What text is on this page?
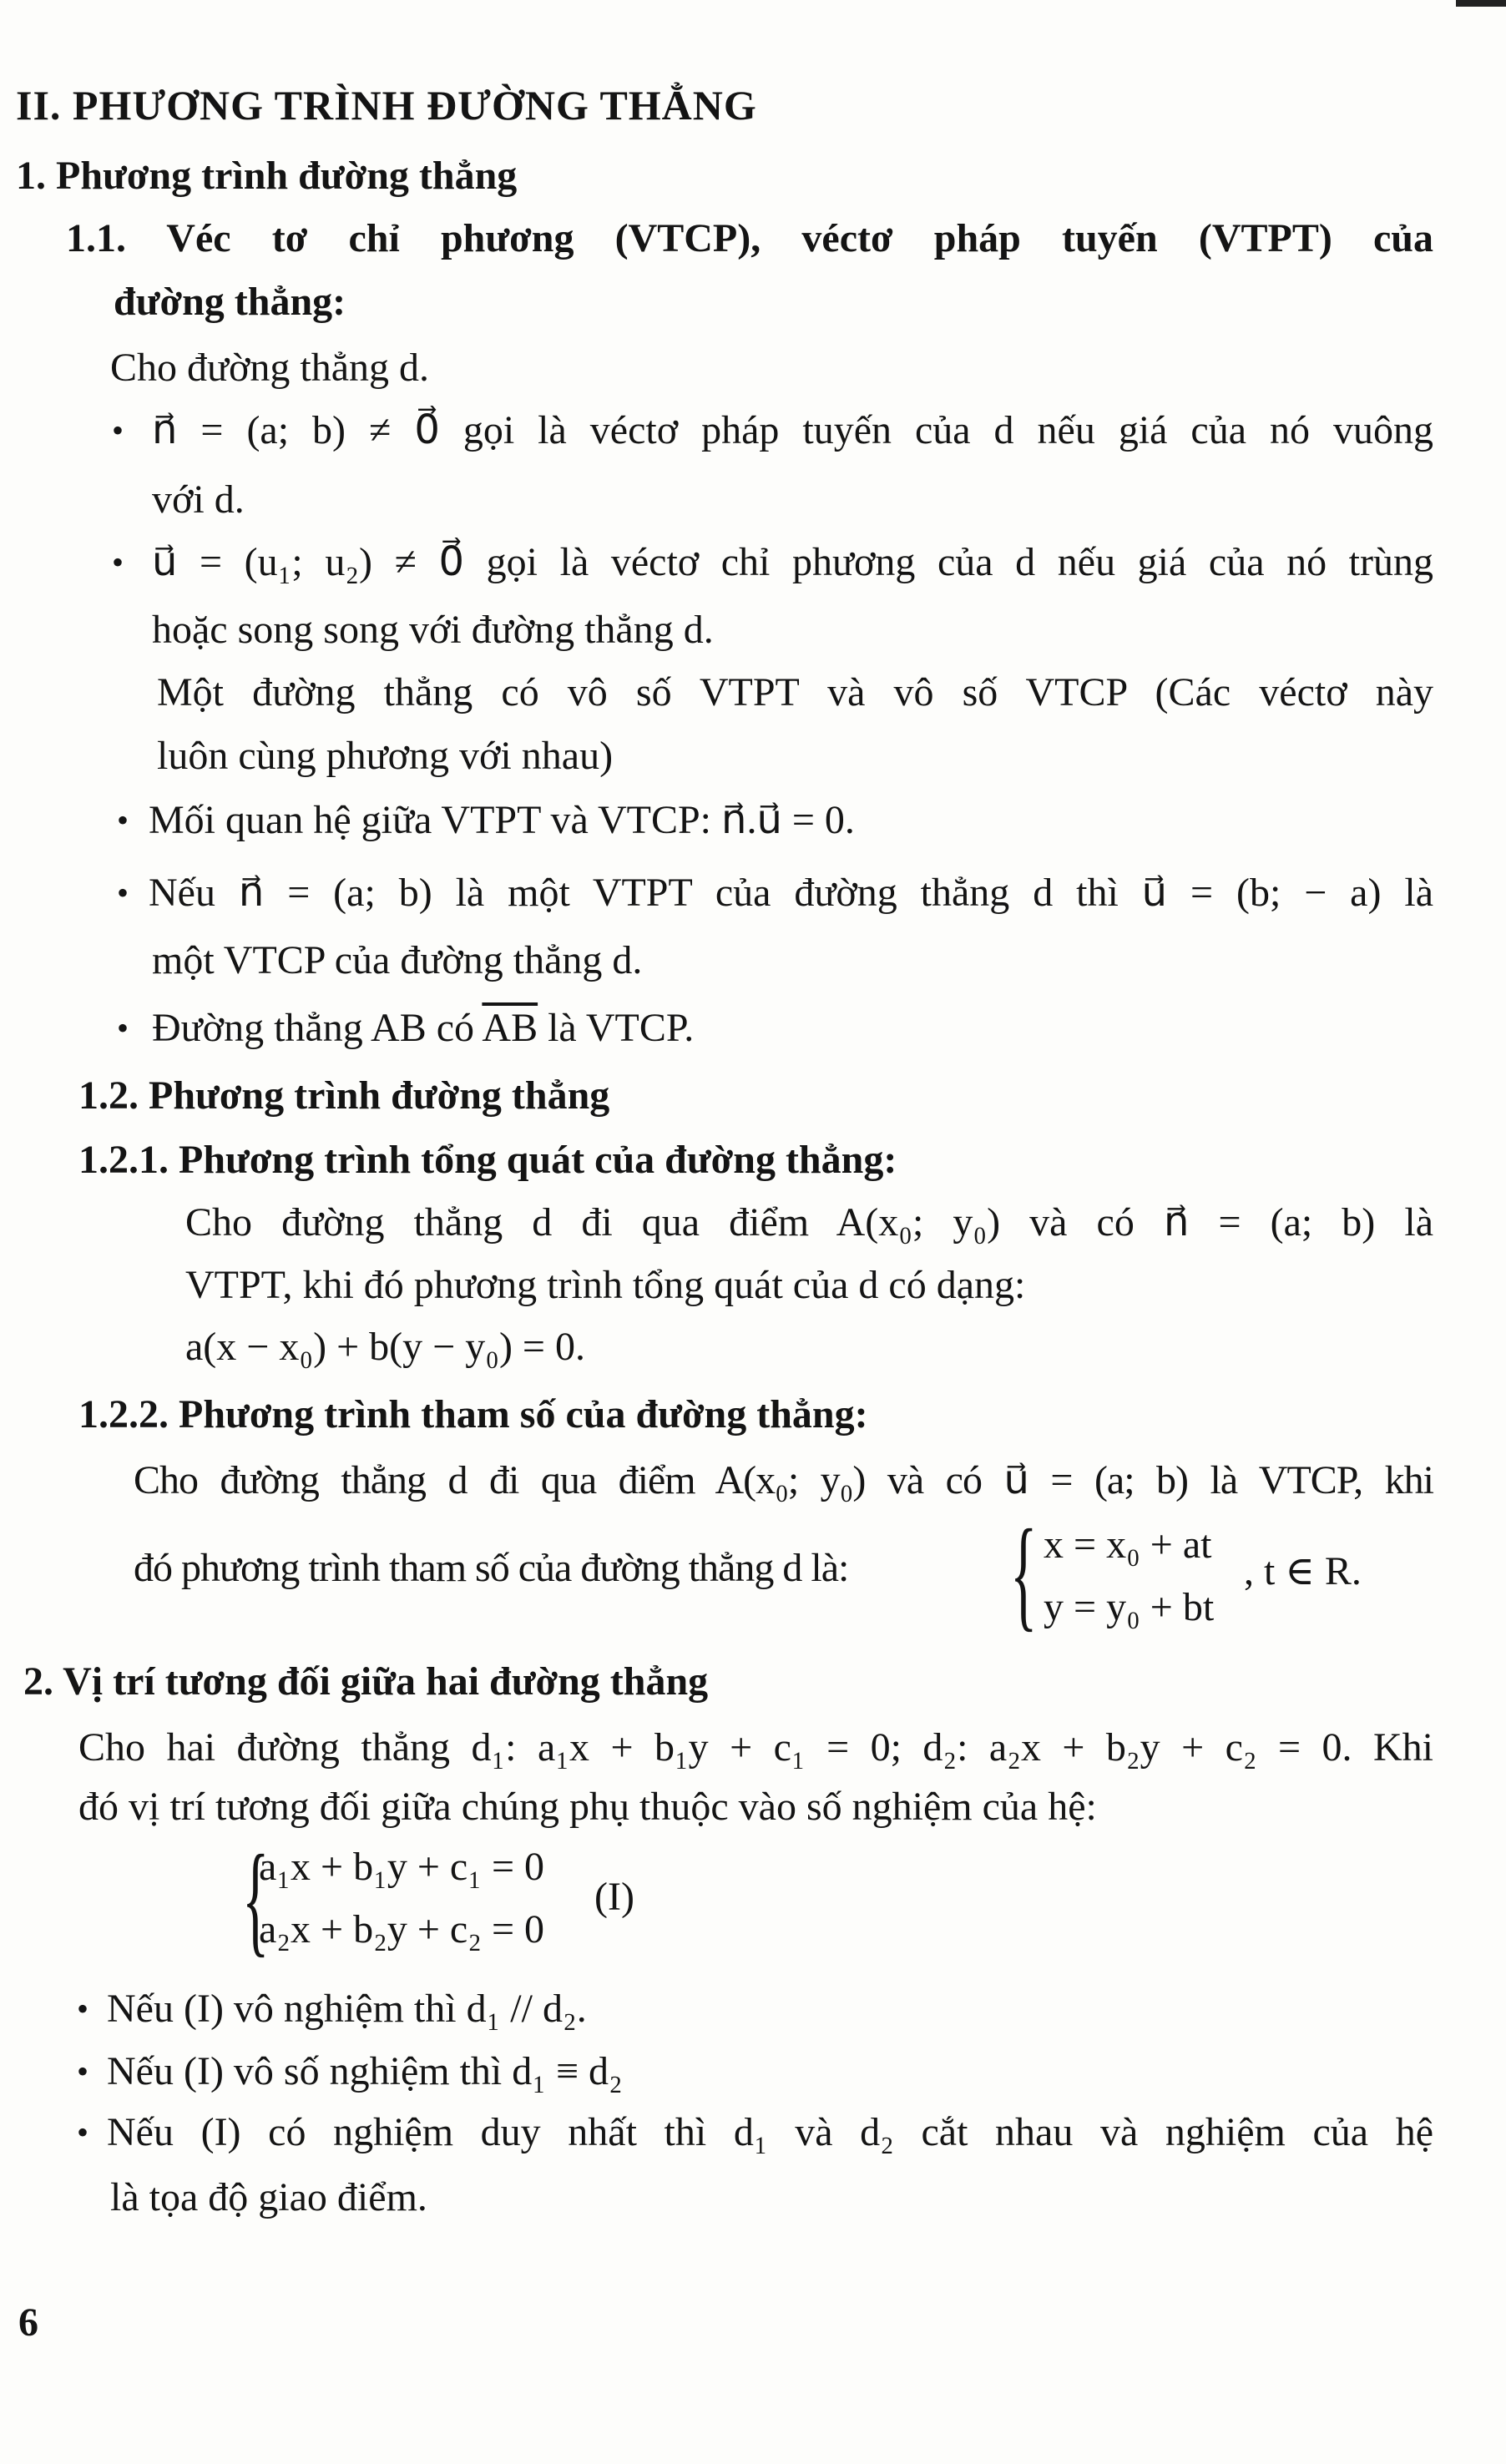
II. PHƯƠNG TRÌNH ĐƯỜNG THẲNG
1. Phương trình đường thẳng
1.1. Véc tơ chỉ phương (VTCP), véctơ pháp tuyến (VTPT) của
đường thẳng:
Cho đường thẳng d.
• n⃗ = (a; b) ≠ 0⃗ gọi là véctơ pháp tuyến của d nếu giá của nó vuông
với d.
• u⃗ = (u₁; u₂) ≠ 0⃗ gọi là véctơ chỉ phương của d nếu giá của nó trùng
hoặc song song với đường thẳng d.
Một đường thẳng có vô số VTPT và vô số VTCP (Các véctơ này
luôn cùng phương với nhau)
• Mối quan hệ giữa VTPT và VTCP: n⃗.u⃗ = 0.
• Nếu n⃗ = (a; b) là một VTPT của đường thẳng d thì u⃗ = (b; − a) là
một VTCP của đường thẳng d.
• Đường thẳng AB có $\overline{AB}$ là VTCP.
1.2. Phương trình đường thẳng
1.2.1. Phương trình tổng quát của đường thẳng:
Cho đường thẳng d đi qua điểm A(x₀; y₀) và có n⃗ = (a; b) là
VTPT, khi đó phương trình tổng quát của d có dạng:
a(x − x₀) + b(y − y₀) = 0.
1.2.2. Phương trình tham số của đường thẳng:
Cho đường thẳng d đi qua điểm A(x₀; y₀) và có u⃗ = (a; b) là VTCP, khi
đó phương trình tham số của đường thẳng d là: { x = x₀ + at
y = y₀ + bt
, t ∈ R.
2. Vị trí tương đối giữa hai đường thẳng
Cho hai đường thẳng d₁: a₁x + b₁y + c₁ = 0; d₂: a₂x + b₂y + c₂ = 0. Khi
đó vị trí tương đối giữa chúng phụ thuộc vào số nghiệm của hệ:
{
a₁x + b₁y + c₁ = 0
a₂x + b₂y + c₂ = 0
(I)
• Nếu (I) vô nghiệm thì d₁ // d₂.
• Nếu (I) vô số nghiệm thì d₁ ≡ d₂
• Nếu (I) có nghiệm duy nhất thì d₁ và d₂ cắt nhau và nghiệm của hệ
là tọa độ giao điểm.
6
